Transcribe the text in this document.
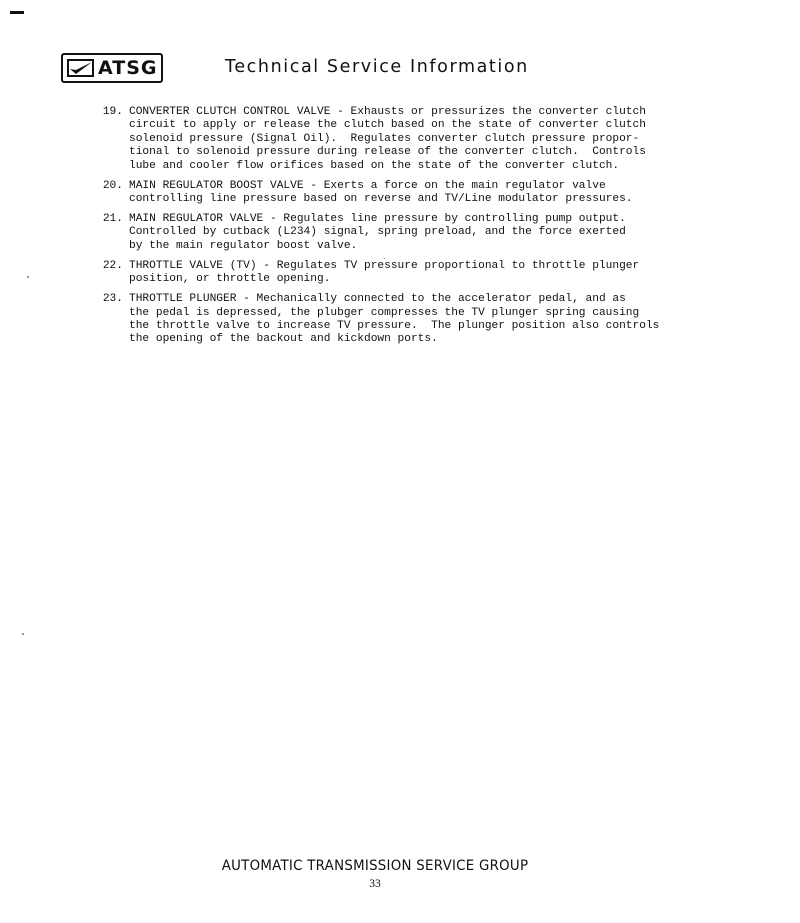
ATSG	Technical Service Information
19. CONVERTER CLUTCH CONTROL VALVE - Exhausts or pressurizes the converter clutch
circuit to apply or release the clutch based on the state of converter clutch
solenoid pressure (Signal Oil).  Regulates converter clutch pressure propor-
tional to solenoid pressure during release of the converter clutch.  Controls
lube and cooler flow orifices based on the state of the converter clutch.
20. MAIN REGULATOR BOOST VALVE - Exerts a force on the main regulator valve
controlling line pressure based on reverse and TV/Line modulator pressures.
21. MAIN REGULATOR VALVE - Regulates line pressure by controlling pump output.
Controlled by cutback (L234) signal, spring preload, and the force exerted
by the main regulator boost valve.
22. THROTTLE VALVE (TV) - Regulates TV pressure proportional to throttle plunger
position, or throttle opening.
23. THROTTLE PLUNGER - Mechanically connected to the accelerator pedal, and as
the pedal is depressed, the plubger compresses the TV plunger spring causing
the throttle valve to increase TV pressure.  The plunger position also controls
the opening of the backout and kickdown ports.
AUTOMATIC TRANSMISSION SERVICE GROUP
33
